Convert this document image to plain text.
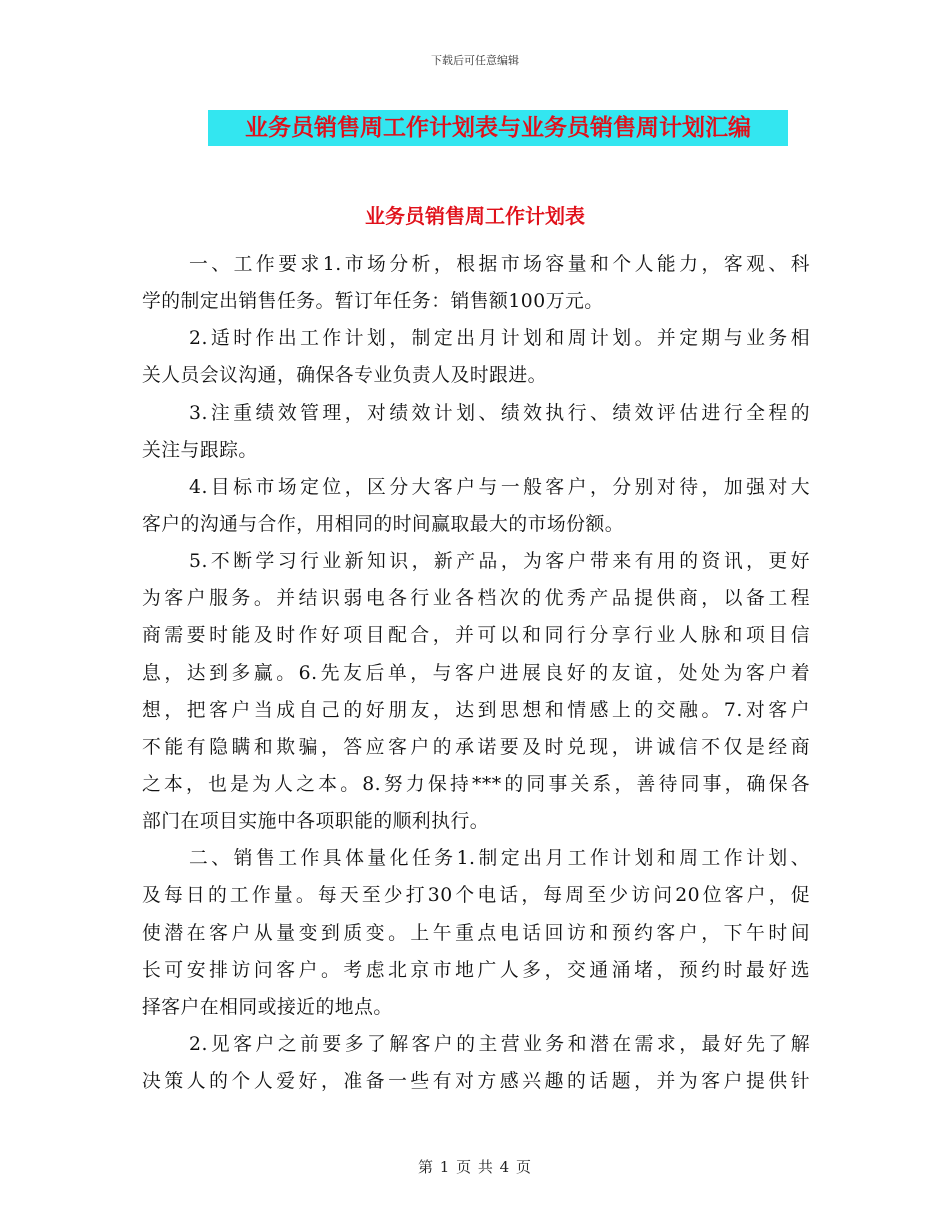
下载后可任意编辑
业务员销售周工作计划表与业务员销售周计划汇编
业务员销售周工作计划表
一、工作要求1.市场分析，根据市场容量和个人能力，客观、科
学的制定出销售任务。暂订年任务：销售额100万元。
2.适时作出工作计划，制定出月计划和周计划。并定期与业务相
关人员会议沟通，确保各专业负责人及时跟进。
3.注重绩效管理，对绩效计划、绩效执行、绩效评估进行全程的
关注与跟踪。
4.目标市场定位，区分大客户与一般客户，分别对待，加强对大
客户的沟通与合作，用相同的时间赢取最大的市场份额。
5.不断学习行业新知识，新产品，为客户带来有用的资讯，更好
为客户服务。并结识弱电各行业各档次的优秀产品提供商，以备工程
商需要时能及时作好项目配合，并可以和同行分享行业人脉和项目信
息，达到多赢。6.先友后单，与客户进展良好的友谊，处处为客户着
想，把客户当成自己的好朋友，达到思想和情感上的交融。7.对客户
不能有隐瞒和欺骗，答应客户的承诺要及时兑现，讲诚信不仅是经商
之本，也是为人之本。8.努力保持***的同事关系，善待同事，确保各
部门在项目实施中各项职能的顺利执行。
二、销售工作具体量化任务1.制定出月工作计划和周工作计划、
及每日的工作量。每天至少打30个电话，每周至少访问20位客户，促
使潜在客户从量变到质变。上午重点电话回访和预约客户，下午时间
长可安排访问客户。考虑北京市地广人多，交通涌堵，预约时最好选
择客户在相同或接近的地点。
2.见客户之前要多了解客户的主营业务和潜在需求，最好先了解
决策人的个人爱好，准备一些有对方感兴趣的话题，并为客户提供针
第 1 页 共 4 页
